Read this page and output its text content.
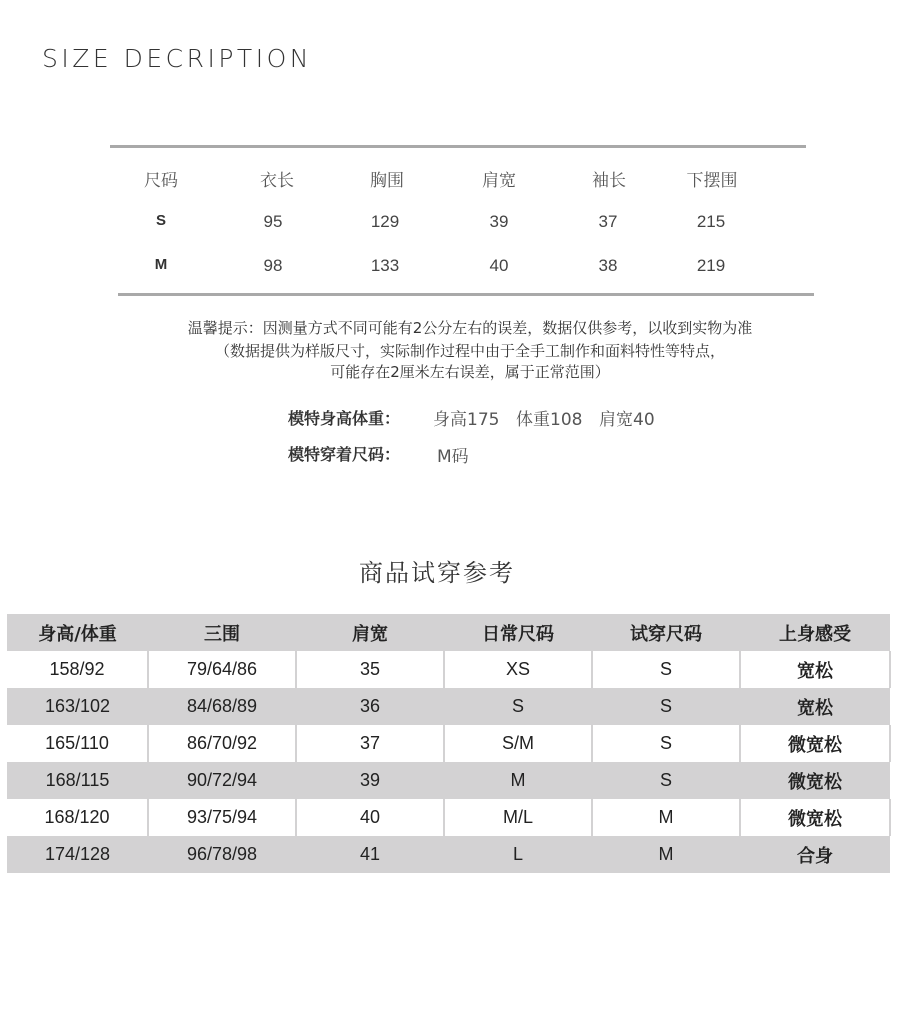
SIZE DECRIPTION
尺码	衣长	胸围	肩宽	袖长	下摆围
S	95	129	39	37	215
M	98	133	40	38	219
温馨提示：因测量方式不同可能有2公分左右的误差，数据仅供参考，以收到实物为准
（数据提供为样版尺寸，实际制作过程中由于全手工制作和面料特性等特点，
可能存在2厘米左右误差，属于正常范围）
模特身高体重： 身高175 体重108 肩宽40
模特穿着尺码： M码
商品试穿参考
身高/体重	三围	肩宽	日常尺码	试穿尺码	上身感受
158/92	79/64/86	35	XS	S	宽松
163/102	84/68/89	36	S	S	宽松
165/110	86/70/92	37	S/M	S	微宽松
168/115	90/72/94	39	M	S	微宽松
168/120	93/75/94	40	M/L	M	微宽松
174/128	96/78/98	41	L	M	合身
